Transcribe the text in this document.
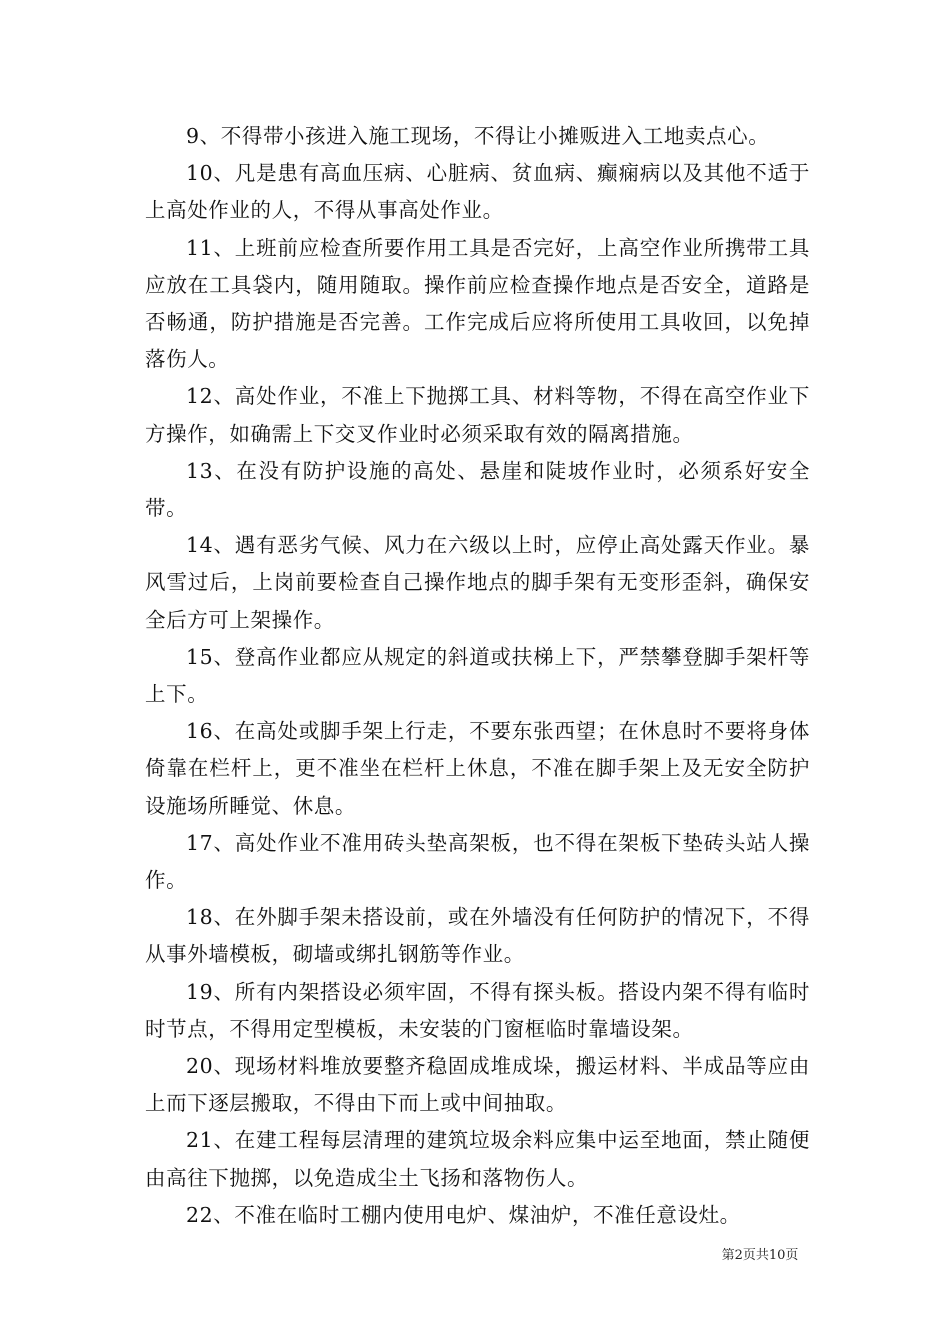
9、不得带小孩进入施工现场，不得让小摊贩进入工地卖点心。

10、凡是患有高血压病、心脏病、贫血病、癫痫病以及其他不适于上高处作业的人，不得从事高处作业。

11、上班前应检查所要作用工具是否完好，上高空作业所携带工具应放在工具袋内，随用随取。操作前应检查操作地点是否安全，道路是否畅通，防护措施是否完善。工作完成后应将所使用工具收回，以免掉落伤人。

12、高处作业，不准上下抛掷工具、材料等物，不得在高空作业下方操作，如确需上下交叉作业时必须采取有效的隔离措施。

13、在没有防护设施的高处、悬崖和陡坡作业时，必须系好安全带。

14、遇有恶劣气候、风力在六级以上时，应停止高处露天作业。暴风雪过后，上岗前要检查自己操作地点的脚手架有无变形歪斜，确保安全后方可上架操作。

15、登高作业都应从规定的斜道或扶梯上下，严禁攀登脚手架杆等上下。

16、在高处或脚手架上行走，不要东张西望；在休息时不要将身体倚靠在栏杆上，更不准坐在栏杆上休息，不准在脚手架上及无安全防护设施场所睡觉、休息。

17、高处作业不准用砖头垫高架板，也不得在架板下垫砖头站人操作。

18、在外脚手架未搭设前，或在外墙没有任何防护的情况下，不得从事外墙模板，砌墙或绑扎钢筋等作业。

19、所有内架搭设必须牢固，不得有探头板。搭设内架不得有临时时节点，不得用定型模板，未安装的门窗框临时靠墙设架。

20、现场材料堆放要整齐稳固成堆成垛，搬运材料、半成品等应由上而下逐层搬取，不得由下而上或中间抽取。

21、在建工程每层清理的建筑垃圾余料应集中运至地面，禁止随便由高往下抛掷，以免造成尘土飞扬和落物伤人。

22、不准在临时工棚内使用电炉、煤油炉，不准任意设灶。

第2页共10页
